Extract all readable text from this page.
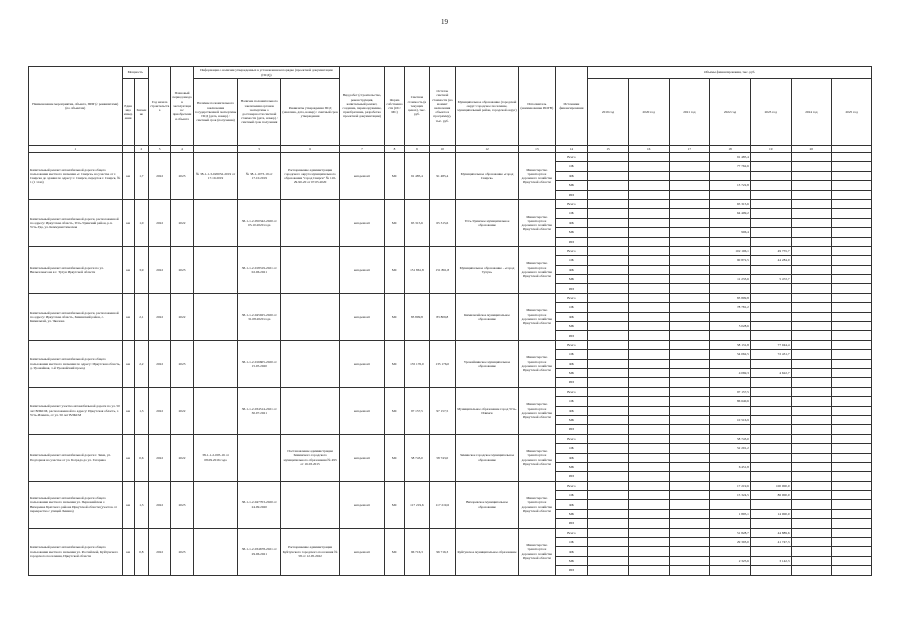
19
Наименование мероприятия, объекта, ПИР (с реквизитами) (по объектам)	Мощность		Год начала строительства	Плановый период ввода в эксплуатацию/ приобретения объекта	Информация о наличии утвержденных в установленном порядке (проектной документации (ПСД))			Вид работ (строительство, реконструкция, капитальный ремонт, создание, перевооружение, приобретение, разработка проектной документации)	Форма собственности (ОС/МС)	Сметная стоимость (в текущих ценах), тыс. руб.	Остаток сметной стоимости (на момент включения объекта в программу), тыс. руб.	Муниципальное образование (городской округ/ городское поселение, муниципальный район, городской округ)	Исполнитель (наименование ИОГВ)	Источники финансирования	Объемы финансирования, тыс. руб.						
	Единица измерения	Значение			Наличие положительного заключения государственной экспертизы ПСД (дата, номер) / сметный срок (получения)	Наличие положительного заключения органов экспертизы о достоверности сметной стоимости (дата, номер) / сметный срок получения	Реквизиты утверждения ПСД (заказчик, дата, номер) / сметный срок утверждения								2019 год	2020 год	2021 год	2022 год	2023 год	2024 год	2025 год
1		2	3	4		5	6	7	8	9	10	12	13	14	15	16	17	18	19	20	
Капитальный ремонт автомобильной дороги общего пользования местного значения «г. Свирск» на участке от г. Свирска до здания по адресу: г. Свирск, переулок г. Свирск, № 1 (1 этап)	км	1,7	2022	2023	№ 38-1-1-3-020052-2019 от 17.10.2019	№ 38-1-1073-19 от 17.10.2019	Распоряжение администрации городского округа муниципального образования "город Свирск" № 116-29-90-20 от 07.05.2020	кап.ремонт	МС	91 485,4	91 485,4	Муниципальное образование «город Свирск»	Министерство транспорта и дорожного хозяйства Иркутской области	Всего				91 485,4			
														ОБ				77 762,6			
														ФБ							
														МБ				13 722,8			
														ИИ							
Капитальный ремонт автомобильной дороги, расположенной по адресу: Иркутская область, Усть-Удинский район, р.п. Усть-Уда, ул. Коммунистическая	км	1,0	2022	2022		38-1-1-2-050342-2020 от 05.10.2020 года		кап.ремонт	МС	65 315,6	65 315,6	Усть-Удинское муниципальное образование	Министерство транспорта и дорожного хозяйства Иркутской области	Всего				65 315,6			
														ОБ				64 409,2			
														ФБ							
														МБ				906,4			
														ИИ							
Капитальный ремонт автомобильной дороги по ул. Вильгельмсона в г. Тулун Иркутской области	км	3,9	2022	2023		38-1-1-2-018319-2021 от 02.06.2021		кап.ремонт	МС	151 861,8	151 861,8	Муниципальное образование - «город Тулун»	Министерство транспорта и дорожного хозяйства Иркутской области	Всего				102 106,1	49 755,7		
														ОБ				90 872,5	44 284,0		
														ФБ							
														МБ				11 233,6	5 472,7		
														ИИ							
Капитальный ремонт автомобильной дороги, расположенной по адресу: Иркутская область, Зиминский район, с. Кимильтей, ул. Чкалова	км	2,1	2022	2022		38-1-1-2-045925-2020 от 31.08.2020 года		кап.ремонт	МС	83 809,8	83 809,8	Кимильтейское муниципальное образование	Министерство транспорта и дорожного хозяйства Иркутской области	Всего				83 809,8			
														ОБ				78 781,2			
														ФБ							
														МБ				5 028,6			
														ИИ							
Капитальный ремонт автомобильной дороги общего пользования местного значения по адресу: Иркутская область, д. Урожайная, 1-й Урожайский проезд	км	2,2	2022	2023		38-1-1-2-016605-2020 от 15.05.2020		кап.ремонт	МС	135 176,0	135 176,0	Урожайнинское муниципальное образование	Министерство транспорта и дорожного хозяйства Иркутской области	Всего				58 131,8	77 044,4		
														ОБ				54 062,5	72 431,7		
														ФБ							
														МБ				4 069,3	4 622,7		
														ИИ							
Капитальный ремонт участка автомобильной дороги по ул. 50 лет ВЛКСМ, расположенной по адресу: Иркутская область, г. Усть-Илимск, от ул. 50 лет ВЛКСМ	км	1,3	2022	2022		38-1-1-2-034514-2021 от 30.07.2021		кап.ремонт	МС	97 157,5	97 157,5	Муниципальное образование город Усть-Илимск	Министерство транспорта и дорожного хозяйства Иркутской области	Всего				97 157,5			
														ОБ				86 640,6			
														ФБ							
														МБ				10 516,9			
														ИИ							
Капитальный ремонт автомобильной дороги г. Зима, ул. Подгорная на участке от ул. Бограда до ул. Гагарина	км	0,6	2022	2022	38-1-1-2-005-16 от 08.09.2016 года		Постановление администрации Зиминского городского муниципального образования № 493 от 16.03.2015	кап.ремонт	МС	58 743,0	58 743,0	Зиминское городское муниципальное образование	Министерство транспорта и дорожного хозяйства Иркутской области	Всего				58 743,0			
														ОБ				52 291,2			
														ФБ							
														МБ				6 451,8			
														ИИ							
Капитальный ремонт автомобильной дороги общего пользования местного значения ул. Первомайская с. Вихоревка Братского района Иркутской области (участок от перекрестка с улицей Ленина)	км	1,3	2022	2023		38-1-1-2-047703-2020 от 24.09.2020		кап.ремонт	МС	117 219,6	117 219,6	Вихоревское муниципальное образование	Министерство транспорта и дорожного хозяйства Иркутской области	Всего				17 219,6	100 000,0		
														ОБ				15 324,5	86 000,0		
														ФБ							
														МБ				1 895,1	14 000,0		
														ИИ							
Капитальный ремонт автомобильной дороги общего пользования местного значения ул. Российской, Куйтунского городского поселения, Иркутской области	км	0,8	2022	2023		38-1-1-2-034678-2021 от 29.06.2021	Распоряжение администрации Куйтунского городского поселения № 58 от 12.05.2022	кап.ремонт	МС	96 716,3	96 716,3	Куйтунское муниципальное образование	Министерство транспорта и дорожного хозяйства Иркутской области	Всего				51 828,7	44 889,6		
														ОБ				29 393,0	41 747,3		
														ФБ							
														МБ				2 325,6	3 142,3		
														ИИ							
